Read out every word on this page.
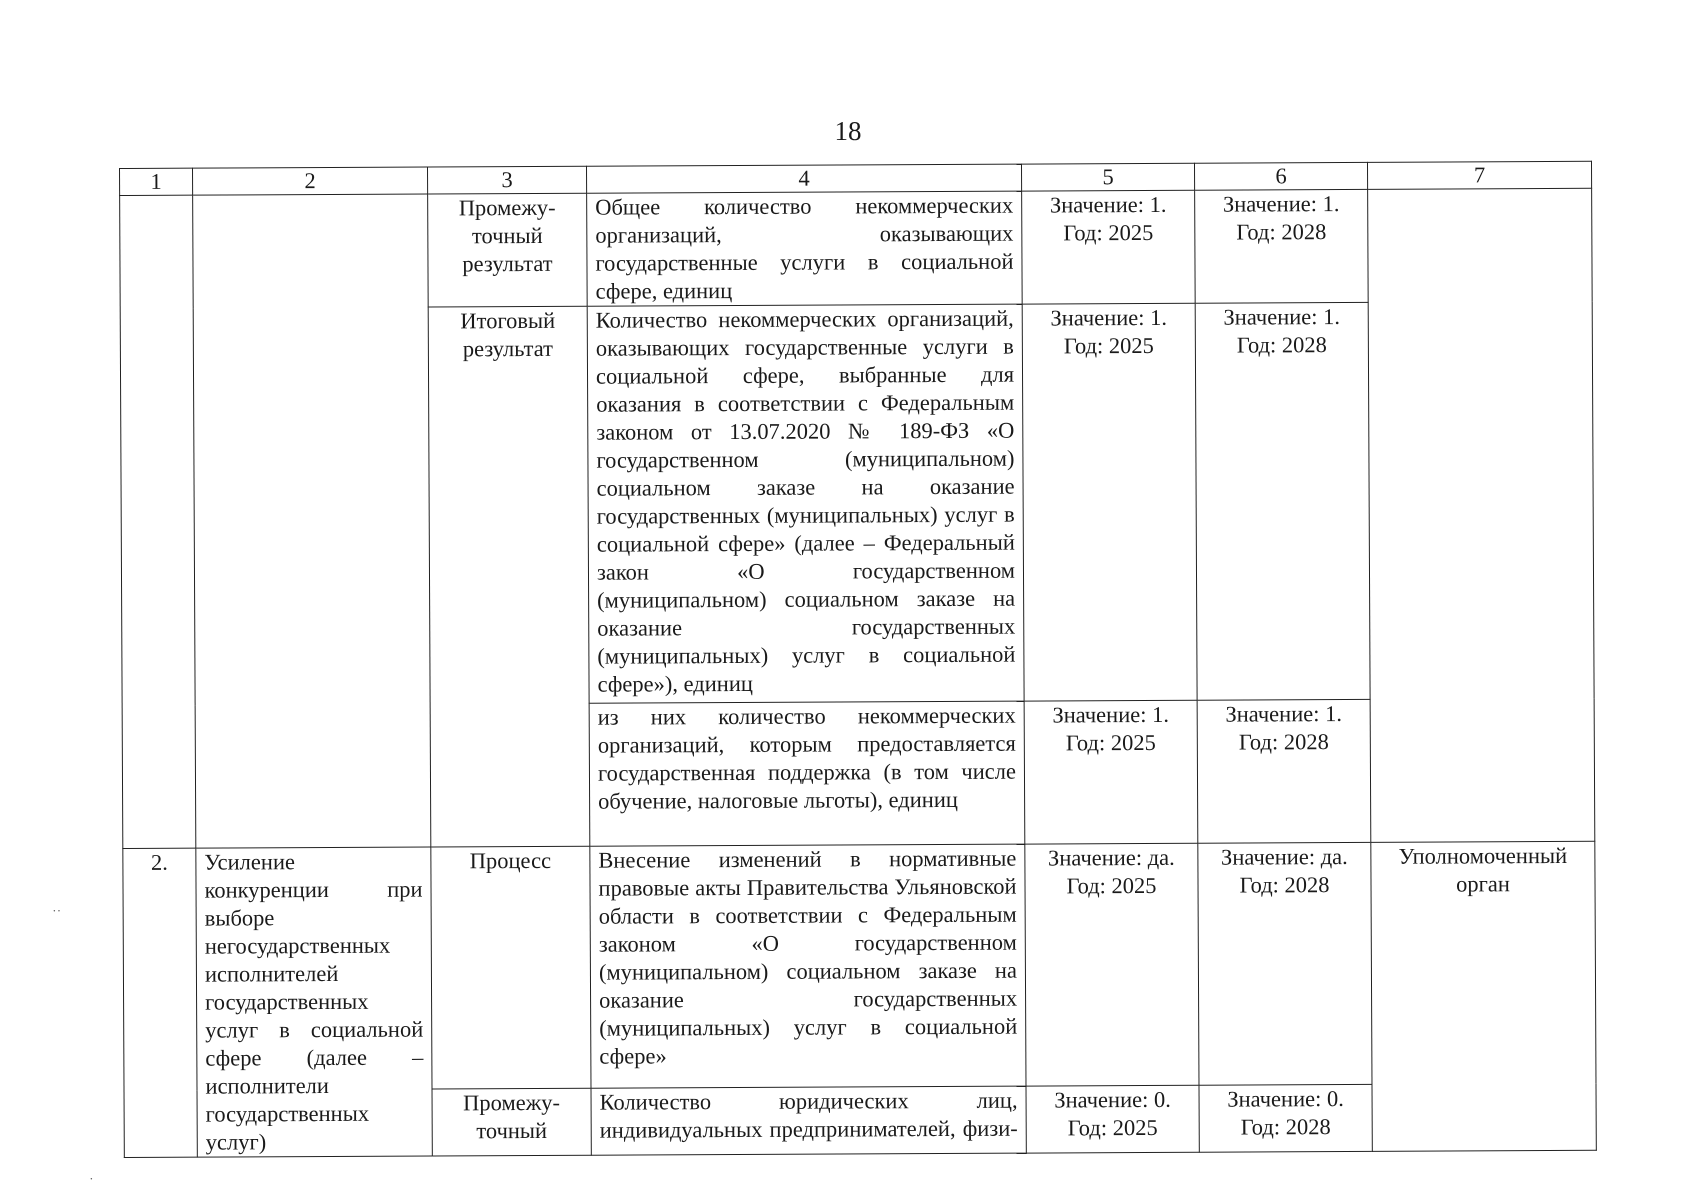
18
1	2	3	4	5	6	7
		Промежу-
точный
результат	Общее количество некоммерческих организаций, оказывающих государственные услуги в социальной сфере, единиц	Значение: 1.
Год: 2025	Значение: 1.
Год: 2028	
		Итоговый
результат	Количество некоммерческих организаций, оказывающих государственные услуги в социальной сфере, выбранные для оказания в соответствии с Федеральным законом от 13.07.2020 № 189-ФЗ «О государственном (муниципальном) социальном заказе на оказание государственных (муниципальных) услуг в социальной сфере» (далее – Федеральный закон «О государственном (муниципальном) социальном заказе на оказание государственных (муниципальных) услуг в социальной сфере»), единиц	Значение: 1.
Год: 2025	Значение: 1.
Год: 2028	
			из них количество некоммерческих организаций, которым предоставляется государственная поддержка (в том числе обучение, налоговые льготы), единиц	Значение: 1.
Год: 2025	Значение: 1.
Год: 2028	
2.	Усиление конкуренции при выборе негосударственных исполнителей государственных услуг в социальной сфере (далее – исполнители государственных услуг)	Процесс	Внесение изменений в нормативные правовые акты Правительства Ульяновской области в соответствии с Федеральным законом «О государственном (муниципальном) социальном заказе на оказание государственных (муниципальных) услуг в социальной сфере»	Значение: да.
Год: 2025	Значение: да.
Год: 2028	Уполномоченный
орган
		Промежу-
точный	Количество юридических лиц, индивидуальных предпринимателей, физи-	Значение: 0.
Год: 2025	Значение: 0.
Год: 2028	
˙˙
˙
